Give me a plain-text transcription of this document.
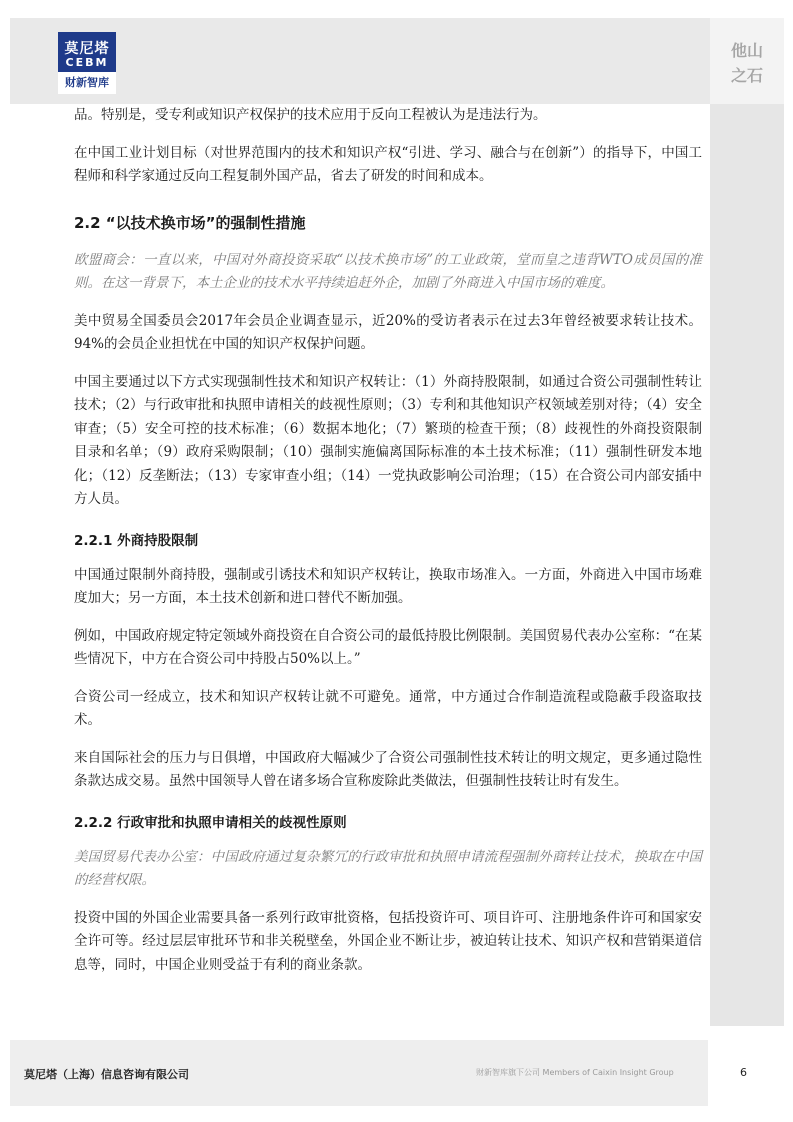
莫尼塔
CEBM
财新智库
他山
之石

品。特别是，受专利或知识产权保护的技术应用于反向工程被认为是违法行为。

在中国工业计划目标（对世界范围内的技术和知识产权“引进、学习、融合与在创新”）的指导下，中国工程师和科学家通过反向工程复制外国产品，省去了研发的时间和成本。

2.2 “以技术换市场”的强制性措施

欧盟商会：一直以来，中国对外商投资采取“以技术换市场”的工业政策，堂而皇之违背WTO成员国的准则。在这一背景下，本土企业的技术水平持续追赶外企，加剧了外商进入中国市场的难度。

美中贸易全国委员会2017年会员企业调查显示，近20%的受访者表示在过去3年曾经被要求转让技术。94%的会员企业担忧在中国的知识产权保护问题。

中国主要通过以下方式实现强制性技术和知识产权转让：（1）外商持股限制，如通过合资公司强制性转让技术；（2）与行政审批和执照申请相关的歧视性原则；（3）专利和其他知识产权领域差别对待；（4）安全审查；（5）安全可控的技术标准；（6）数据本地化；（7）繁琐的检查干预；（8）歧视性的外商投资限制目录和名单；（9）政府采购限制；（10）强制实施偏离国际标准的本土技术标准；（11）强制性研发本地化；（12）反垄断法；（13）专家审查小组；（14）一党执政影响公司治理；（15）在合资公司内部安插中方人员。

2.2.1 外商持股限制

中国通过限制外商持股，强制或引诱技术和知识产权转让，换取市场准入。一方面，外商进入中国市场难度加大；另一方面，本土技术创新和进口替代不断加强。

例如，中国政府规定特定领域外商投资在自合资公司的最低持股比例限制。美国贸易代表办公室称：“在某些情况下，中方在合资公司中持股占50%以上。”

合资公司一经成立，技术和知识产权转让就不可避免。通常，中方通过合作制造流程或隐蔽手段盗取技术。

来自国际社会的压力与日俱增，中国政府大幅减少了合资公司强制性技术转让的明文规定，更多通过隐性条款达成交易。虽然中国领导人曾在诸多场合宣称废除此类做法，但强制性技转让时有发生。

2.2.2 行政审批和执照申请相关的歧视性原则

美国贸易代表办公室：中国政府通过复杂繁冗的行政审批和执照申请流程强制外商转让技术，换取在中国的经营权限。

投资中国的外国企业需要具备一系列行政审批资格，包括投资许可、项目许可、注册地条件许可和国家安全许可等。经过层层审批环节和非关税壁垒，外国企业不断让步，被迫转让技术、知识产权和营销渠道信息等，同时，中国企业则受益于有利的商业条款。

莫尼塔（上海）信息咨询有限公司	财新智库旗下公司 Members of Caixin Insight Group	6
